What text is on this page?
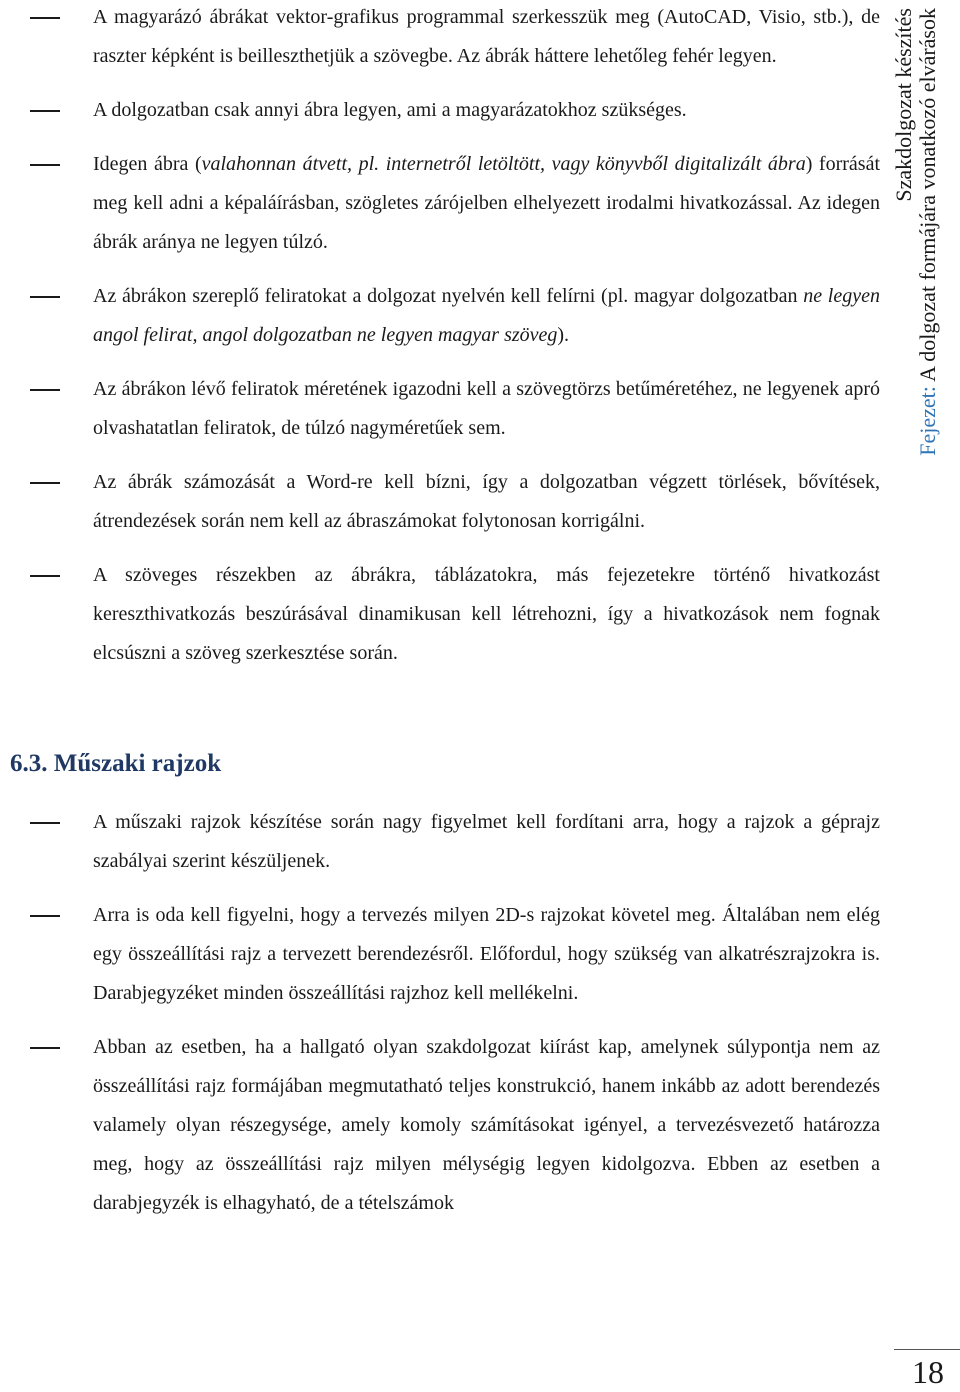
A magyarázó ábrákat vektor-grafikus programmal szerkesszük meg (AutoCAD, Visio, stb.), de raszter képként is beilleszthetjük a szövegbe. Az ábrák háttere lehetőleg fehér legyen.
A dolgozatban csak annyi ábra legyen, ami a magyarázatokhoz szükséges.
Idegen ábra (valahonnan átvett, pl. internetről letöltött, vagy könyvből digitalizált ábra) forrását meg kell adni a képaláírásban, szögletes zárójelben elhelyezett irodalmi hivatkozással. Az idegen ábrák aránya ne legyen túlzó.
Az ábrákon szereplő feliratokat a dolgozat nyelvén kell felírni (pl. magyar dolgozatban ne legyen angol felirat, angol dolgozatban ne legyen magyar szöveg).
Az ábrákon lévő feliratok méretének igazodni kell a szövegtörzs betűméretéhez, ne legyenek apró olvashatatlan feliratok, de túlzó nagyméretűek sem.
Az ábrák számozását a Word-re kell bízni, így a dolgozatban végzett törlések, bővítések, átrendezések során nem kell az ábraszámokat folytonosan korrigálni.
A szöveges részekben az ábrákra, táblázatokra, más fejezetekre történő hivatkozást kereszthivatkozás beszúrásával dinamikusan kell létrehozni, így a hivatkozások nem fognak elcsúszni a szöveg szerkesztése során.
6.3. Műszaki rajzok
A műszaki rajzok készítése során nagy figyelmet kell fordítani arra, hogy a rajzok a géprajz szabályai szerint készüljenek.
Arra is oda kell figyelni, hogy a tervezés milyen 2D-s rajzokat követel meg. Általában nem elég egy összeállítási rajz a tervezett berendezésről. Előfordul, hogy szükség van alkatrészrajzokra is. Darabjegyzéket minden összeállítási rajzhoz kell mellékelni.
Abban az esetben, ha a hallgató olyan szakdolgozat kiírást kap, amelynek súlypontja nem az összeállítási rajz formájában megmutatható teljes konstrukció, hanem inkább az adott berendezés valamely olyan részegysége, amely komoly számításokat igényel, a tervezésvezető határozza meg, hogy az összeállítási rajz milyen mélységig legyen kidolgozva. Ebben az esetben a darabjegyzék is elhagyható, de a tételszámok
Szakdolgozat készítés
Fejezet: A dolgozat formájára vonatkozó elvárások
18
